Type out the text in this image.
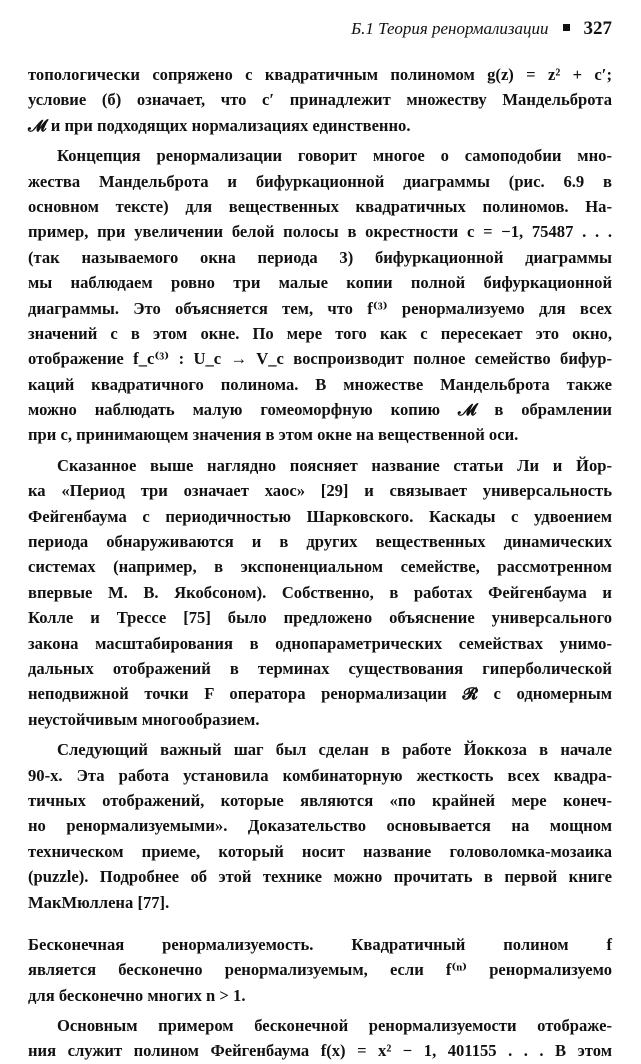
Б.1 Теория ренормализации 327
топологически сопряжено с квадратичным полиномом g(z) = z² + c′;
условие (б) означает, что c′ принадлежит множеству Мандельброта
𝓜 и при подходящих нормализациях единственно.
Концепция ренормализации говорит многое о самоподобии мно-
жества Мандельброта и бифуркационной диаграммы (рис. 6.9 в
основном тексте) для вещественных квадратичных полиномов. На-
пример, при увеличении белой полосы в окрестности c = −1, 75487 . . .
(так называемого окна периода 3) бифуркационной диаграммы
мы наблюдаем ровно три малые копии полной бифуркационной
диаграммы. Это объясняется тем, что f⁽³⁾ ренормализуемо для всех
значений c в этом окне. По мере того как c пересекает это окно,
отображение f_c⁽³⁾ : U_c → V_c воспроизводит полное семейство бифур-
каций квадратичного полинома. В множестве Мандельброта также
можно наблюдать малую гомеоморфную копию 𝓜 в обрамлении
при c, принимающем значения в этом окне на вещественной оси.
Сказанное выше наглядно поясняет название статьи Ли и Йор-
ка «Период три означает хаос» [29] и связывает универсальность
Фейгенбаума с периодичностью Шарковского. Каскады с удвоением
периода обнаруживаются и в других вещественных динамических
системах (например, в экспоненциальном семействе, рассмотренном
впервые М. В. Якобсоном). Собственно, в работах Фейгенбаума и
Колле и Трессе [75] было предложено объяснение универсального
закона масштабирования в однопараметрических семействах унимо-
дальных отображений в терминах существования гиперболической
неподвижной точки F оператора ренормализации 𝓡 с одномерным
неустойчивым многообразием.
Следующий важный шаг был сделан в работе Йоккоза в начале
90-х. Эта работа установила комбинаторную жесткость всех квадра-
тичных отображений, которые являются «по крайней мере конеч-
но ренормализуемыми». Доказательство основывается на мощном
техническом приеме, который носит название головоломка-мозаика
(puzzle). Подробнее об этой технике можно прочитать в первой книге
МакМюллена [77].
Бесконечная ренормализуемость. Квадратичный полином f
является бесконечно ренормализуемым, если f⁽ⁿ⁾ ренормализуемо
для бесконечно многих n > 1.
Основным примером бесконечной ренормализуемости отображе-
ния служит полином Фейгенбаума f(x) = x² − 1, 401155 . . . В этом
